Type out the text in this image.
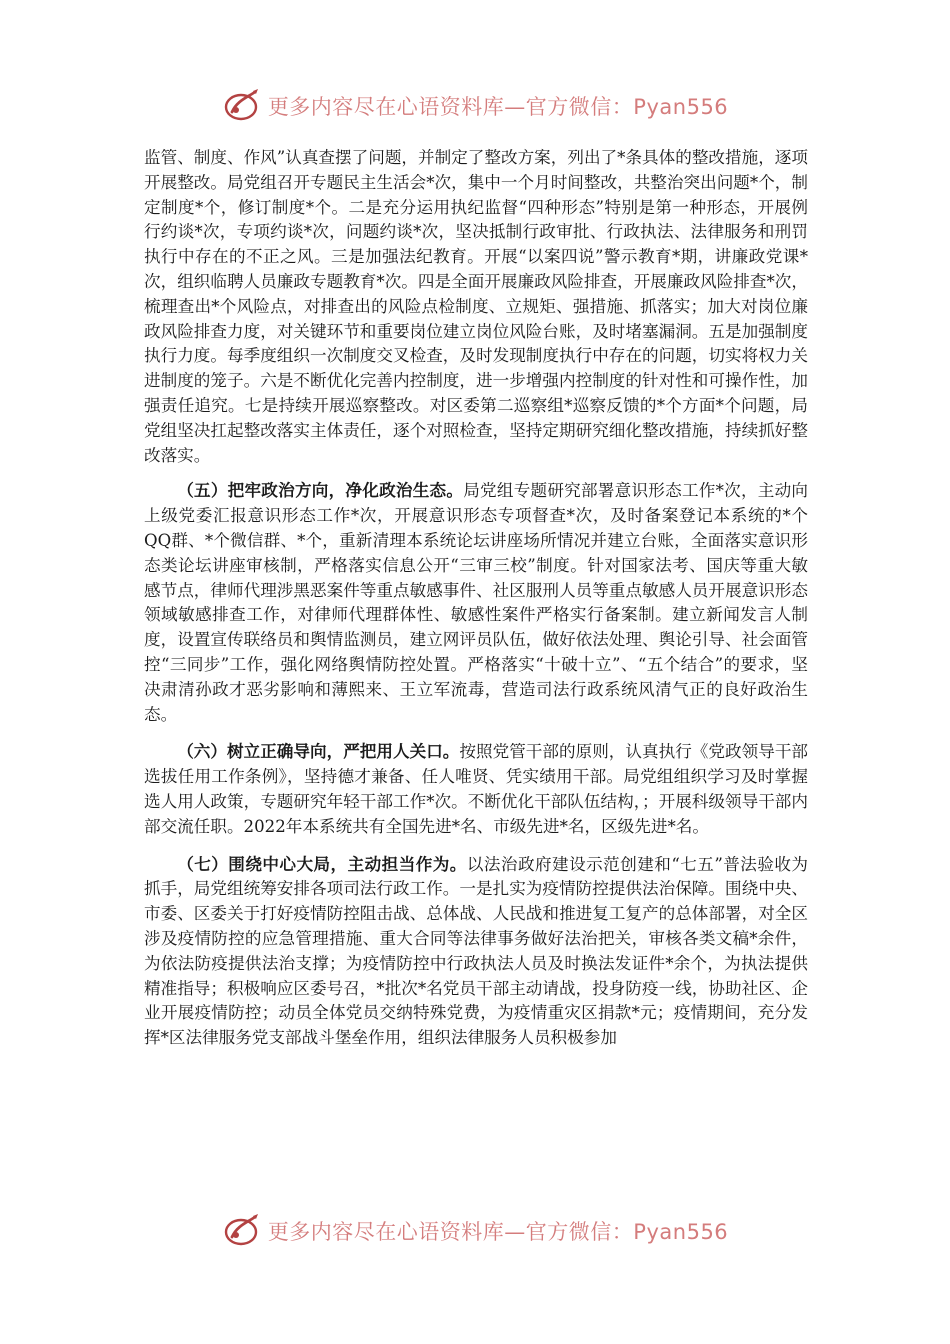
更多内容尽在心语资料库—官方微信：Pyan556

监管、制度、作风”认真查摆了问题，并制定了整改方案，列出了*条具体的整改措施，逐项开展整改。局党组召开专题民主生活会*次，集中一个月时间整改，共整治突出问题*个，制定制度*个，修订制度*个。二是充分运用执纪监督“四种形态”特别是第一种形态，开展例行约谈*次，专项约谈*次，问题约谈*次，坚决抵制行政审批、行政执法、法律服务和刑罚执行中存在的不正之风。三是加强法纪教育。开展“以案四说”警示教育*期，讲廉政党课*次，组织临聘人员廉政专题教育*次。四是全面开展廉政风险排查，开展廉政风险排查*次，梳理查出*个风险点，对排查出的风险点检制度、立规矩、强措施、抓落实；加大对岗位廉政风险排查力度，对关键环节和重要岗位建立岗位风险台账，及时堵塞漏洞。五是加强制度执行力度。每季度组织一次制度交叉检查，及时发现制度执行中存在的问题，切实将权力关进制度的笼子。六是不断优化完善内控制度，进一步增强内控制度的针对性和可操作性，加强责任追究。七是持续开展巡察整改。对区委第二巡察组*巡察反馈的*个方面*个问题，局党组坚决扛起整改落实主体责任，逐个对照检查，坚持定期研究细化整改措施，持续抓好整改落实。

（五）把牢政治方向，净化政治生态。局党组专题研究部署意识形态工作*次，主动向上级党委汇报意识形态工作*次，开展意识形态专项督查*次，及时备案登记本系统的*个QQ群、*个微信群、*个，重新清理本系统论坛讲座场所情况并建立台账，全面落实意识形态类论坛讲座审核制，严格落实信息公开“三审三校”制度。针对国家法考、国庆等重大敏感节点，律师代理涉黑恶案件等重点敏感事件、社区服刑人员等重点敏感人员开展意识形态领域敏感排查工作，对律师代理群体性、敏感性案件严格实行备案制。建立新闻发言人制度，设置宣传联络员和舆情监测员，建立网评员队伍，做好依法处理、舆论引导、社会面管控“三同步”工作，强化网络舆情防控处置。严格落实“十破十立”、“五个结合”的要求，坚决肃清孙政才恶劣影响和薄熙来、王立军流毒，营造司法行政系统风清气正的良好政治生态。

（六）树立正确导向，严把用人关口。按照党管干部的原则，认真执行《党政领导干部选拔任用工作条例》，坚持德才兼备、任人唯贤、凭实绩用干部。局党组组织学习及时掌握选人用人政策，专题研究年轻干部工作*次。不断优化干部队伍结构，；开展科级领导干部内部交流任职。2022年本系统共有全国先进*名、市级先进*名，区级先进*名。

（七）围绕中心大局，主动担当作为。以法治政府建设示范创建和“七五”普法验收为抓手，局党组统筹安排各项司法行政工作。一是扎实为疫情防控提供法治保障。围绕中央、市委、区委关于打好疫情防控阻击战、总体战、人民战和推进复工复产的总体部署，对全区涉及疫情防控的应急管理措施、重大合同等法律事务做好法治把关，审核各类文稿*余件，为依法防疫提供法治支撑；为疫情防控中行政执法人员及时换法发证件*余个，为执法提供精准指导；积极响应区委号召，*批次*名党员干部主动请战，投身防疫一线，协助社区、企业开展疫情防控；动员全体党员交纳特殊党费，为疫情重灾区捐款*元；疫情期间，充分发挥*区法律服务党支部战斗堡垒作用，组织法律服务人员积极参加

更多内容尽在心语资料库—官方微信：Pyan556
